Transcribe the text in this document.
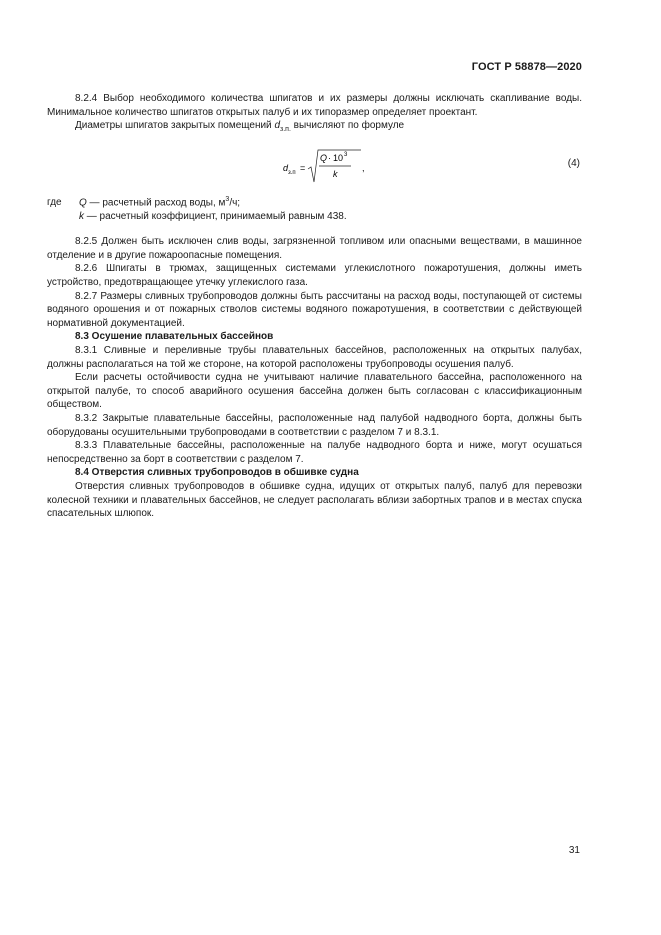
ГОСТ Р 58878—2020

8.2.4 Выбор необходимого количества шпигатов и их размеры должны исключать скапливание воды. Минимальное количество шпигатов открытых палуб и их типоразмер определяет проектант.

Диаметры шпигатов закрытых помещений $d_{з.п.}$ вычисляют по формуле

d з.п =
Q · 10 3
k
,	(4)

где Q — расчетный расход воды, $м^3/ч$;

k — расчетный коэффициент, принимаемый равным 438.

8.2.5 Должен быть исключен слив воды, загрязненной топливом или опасными веществами, в машинное отделение и в другие пожароопасные помещения.

8.2.6 Шпигаты в трюмах, защищенных системами углекислотного пожаротушения, должны иметь устройство, предотвращающее утечку углекислого газа.

8.2.7 Размеры сливных трубопроводов должны быть рассчитаны на расход воды, поступающей от системы водяного орошения и от пожарных стволов системы водяного пожаротушения, в соответствии с действующей нормативной документацией.

8.3 Осушение плавательных бассейнов

8.3.1 Сливные и переливные трубы плавательных бассейнов, расположенных на открытых палубах, должны располагаться на той же стороне, на которой расположены трубопроводы осушения палуб.

Если расчеты остойчивости судна не учитывают наличие плавательного бассейна, расположенного на открытой палубе, то способ аварийного осушения бассейна должен быть согласован с классификационным обществом.

8.3.2 Закрытые плавательные бассейны, расположенные над палубой надводного борта, должны быть оборудованы осушительными трубопроводами в соответствии с разделом 7 и 8.3.1.

8.3.3 Плавательные бассейны, расположенные на палубе надводного борта и ниже, могут осушаться непосредственно за борт в соответствии с разделом 7.

8.4 Отверстия сливных трубопроводов в обшивке судна

Отверстия сливных трубопроводов в обшивке судна, идущих от открытых палуб, палуб для перевозки колесной техники и плавательных бассейнов, не следует располагать вблизи забортных трапов и в местах спуска спасательных шлюпок.

31
